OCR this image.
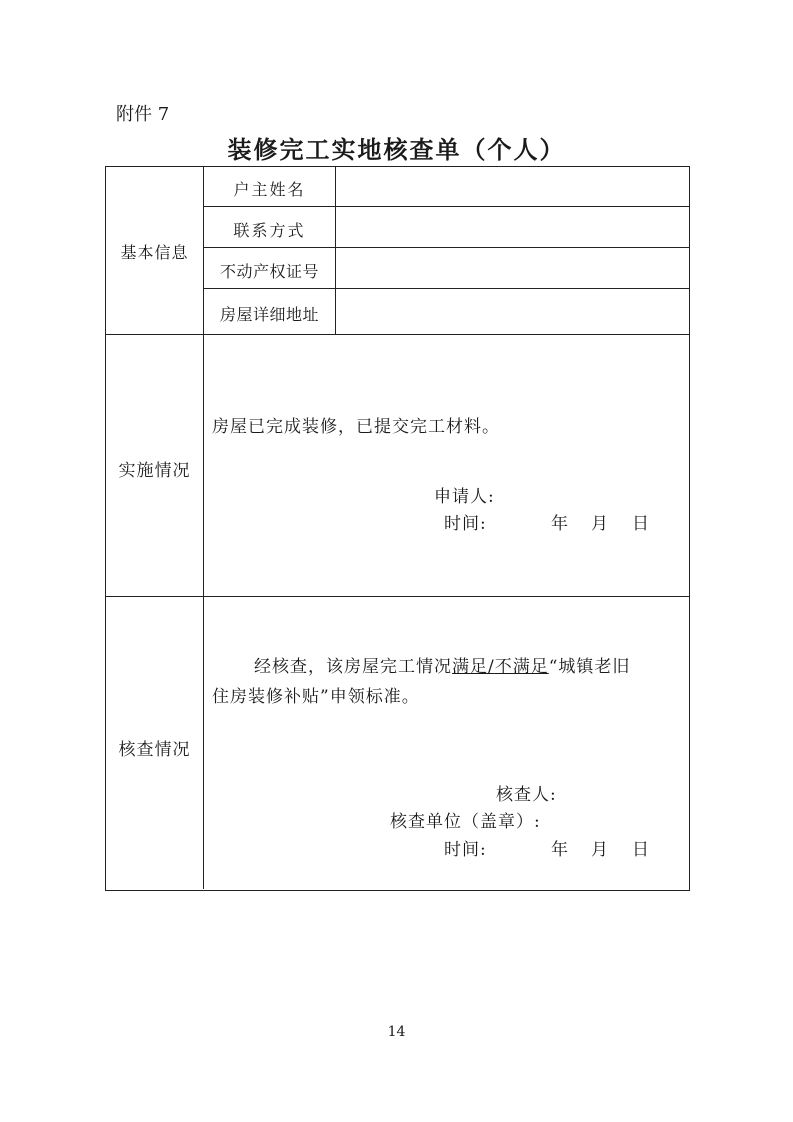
附件 7
装修完工实地核查单（个人）
基本信息
户主姓名
联系方式
不动产权证号
房屋详细地址
实施情况
房屋已完成装修，已提交完工材料。
申请人:
时间:	年 月 日
核查情况
经核查，该房屋完工情况满足/不满足“城镇老旧
住房装修补贴”申领标准。
核查人:
核查单位（盖章）:
时间:	年 月 日
14
